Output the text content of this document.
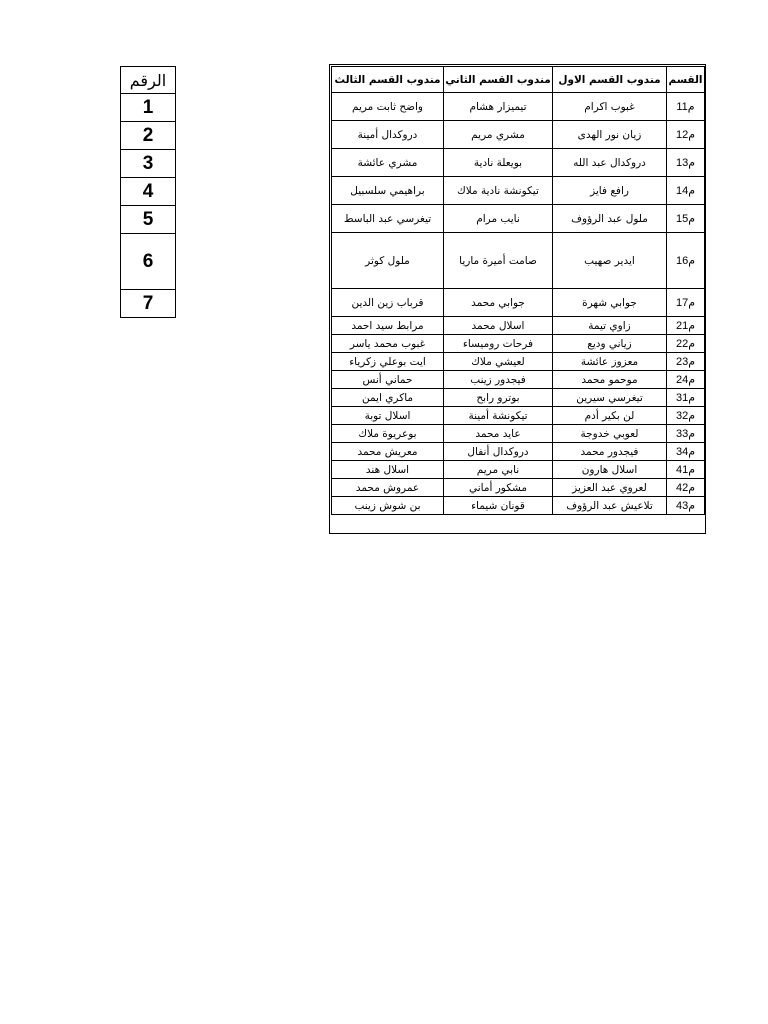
الرقم
1
2
3
4
5
6
7
القسم	مندوب القسم الاول	مندوب القسم الثاني	مندوب القسم الثالث
م11	غبوب اكرام	تيميزار هشام	واضح ثابت مريم
م12	زيان نور الهدى	مشري مريم	دروكدال أمينة
م13	دروكدال عبد الله	بويعلة نادية	مشري عائشة
م14	رافع فايز	تيكونشة نادية ملاك	براهيمي سلسبيل
م15	ملول عبد الرؤوف	نايب مرام	تيغرسي عبد الباسط
م16	ايدير صهيب	صامت أميرة ماريا	ملول كوثر
م17	جوابي شهرة	جوابي محمد	قرباب زين الدين
م21	زاوي تيمة	اسلال محمد	مرابط سيد احمد
م22	زياني وديع	فرحات روميساء	غبوب محمد ياسر
م23	معزوز عائشة	لعيشي ملاك	ايت بوعلي زكرياء
م24	موحمو محمد	فيجدور زينب	حماني أنس
م31	تيغرسي سيرين	بوترو رابح	ماكري ايمن
م32	لن بكير أدم	تيكونشة أمينة	اسلال توبة
م33	لعوبي خدوجة	عايد محمد	بوعريوة ملاك
م34	فيجدور محمد	دروكدال أنفال	معريش محمد
م41	اسلال هارون	نابي مريم	اسلال هند
م42	لعروي عبد العزيز	مشكور أماني	عمروش محمد
م43	تلاعيش عبد الرؤوف	قونان شيماء	بن شوش زينب
